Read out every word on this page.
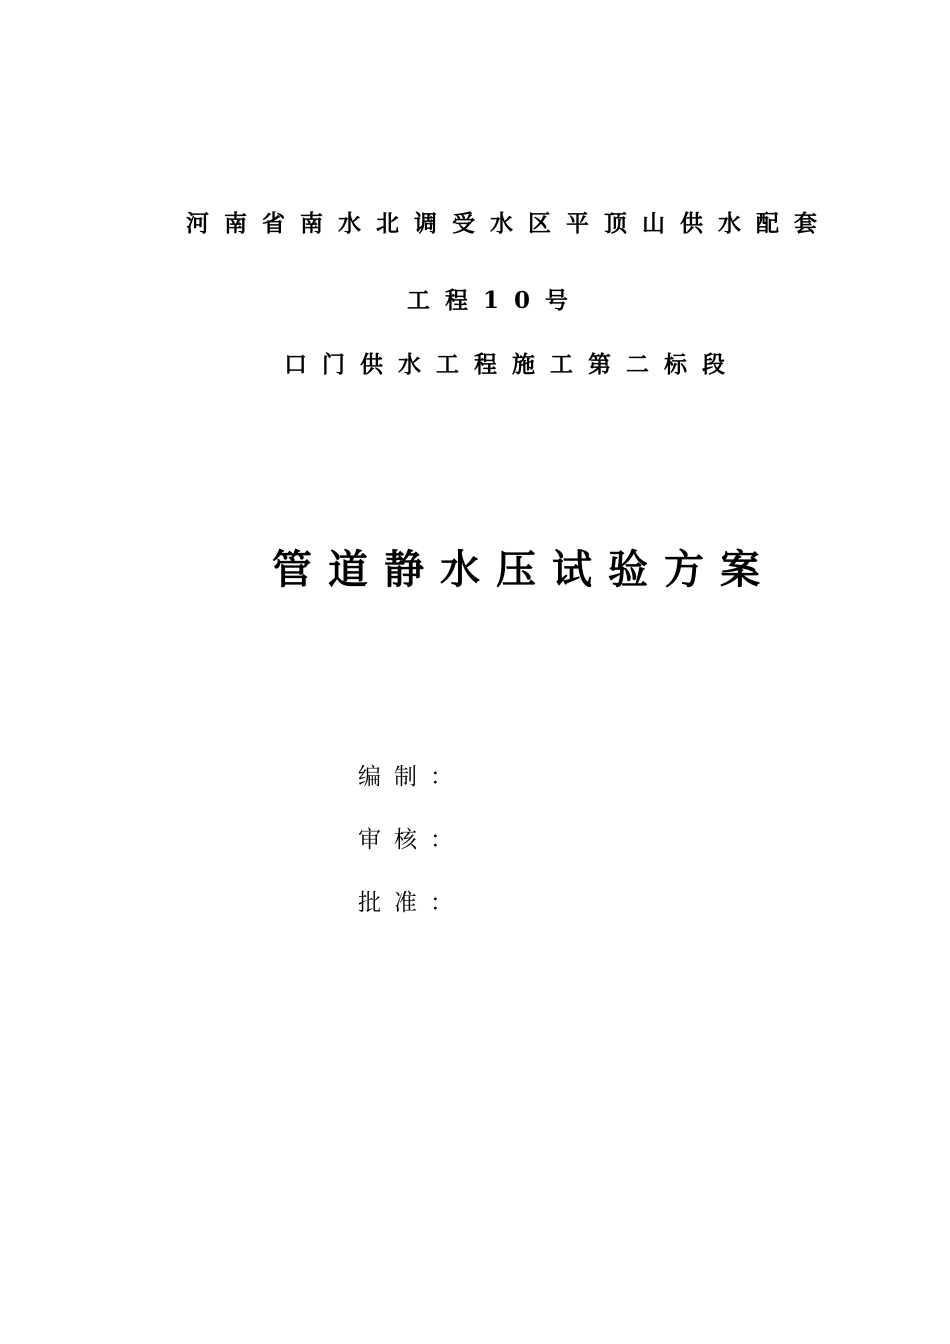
河南省南水北调受水区平顶山供水配套
工程10号
口门供水工程施工第二标段
管道静水压试验方案
编制：
审核：
批准：
